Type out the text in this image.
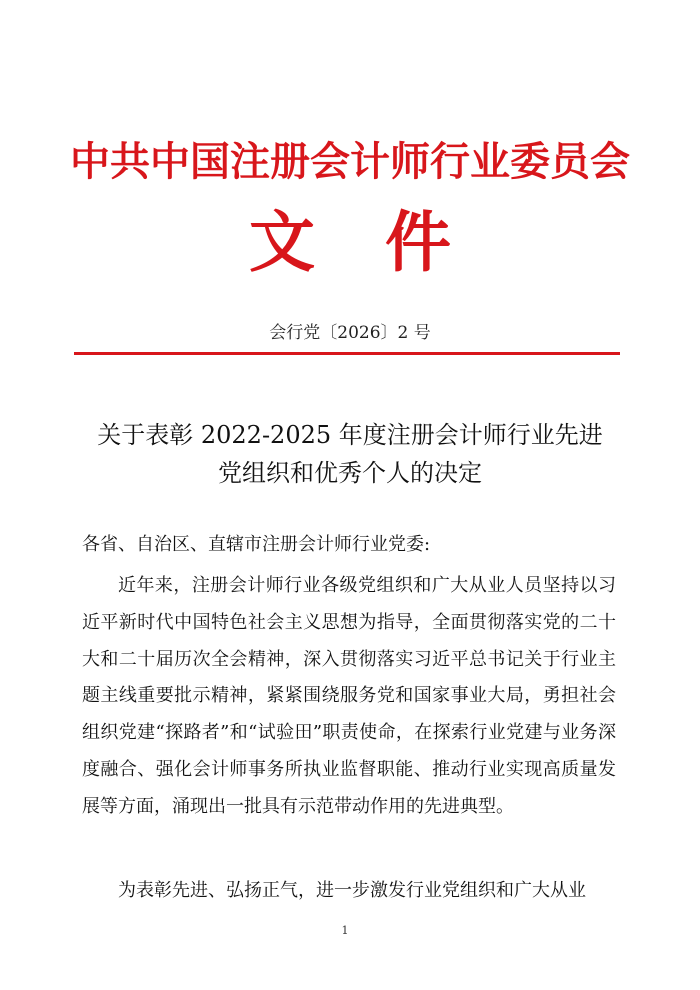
中共中国注册会计师行业委员会
文 件
会行党〔2026〕2 号
关于表彰 2022-2025 年度注册会计师行业先进
党组织和优秀个人的决定
各省、自治区、直辖市注册会计师行业党委:

近年来，注册会计师行业各级党组织和广大从业人员坚持以习近平新时代中国特色社会主义思想为指导，全面贯彻落实党的二十大和二十届历次全会精神，深入贯彻落实习近平总书记关于行业主题主线重要批示精神，紧紧围绕服务党和国家事业大局，勇担社会组织党建“探路者”和“试验田”职责使命，在探索行业党建与业务深度融合、强化会计师事务所执业监督职能、推动行业实现高质量发展等方面，涌现出一批具有示范带动作用的先进典型。

为表彰先进、弘扬正气，进一步激发行业党组织和广大从业

1
